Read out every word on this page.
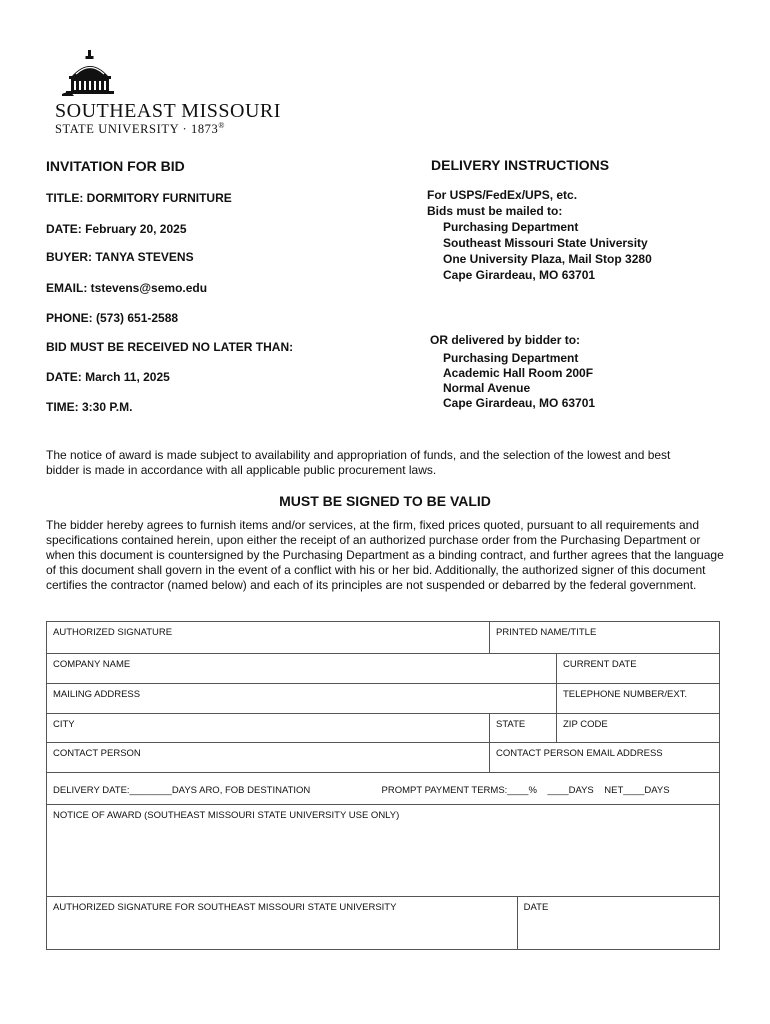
SOUTHEAST MISSOURI
STATE UNIVERSITY · 1873®
INVITATION FOR BID
TITLE: DORMITORY FURNITURE
DATE: February 20, 2025
BUYER: TANYA STEVENS
EMAIL: tstevens@semo.edu
PHONE: (573) 651-2588
BID MUST BE RECEIVED NO LATER THAN:
DATE: March 11, 2025
TIME: 3:30 P.M.
DELIVERY INSTRUCTIONS
For USPS/FedEx/UPS, etc.
Bids must be mailed to:
Purchasing Department
Southeast Missouri State University
One University Plaza, Mail Stop 3280
Cape Girardeau, MO 63701
OR delivered by bidder to:
Purchasing Department
Academic Hall Room 200F
Normal Avenue
Cape Girardeau, MO 63701
The notice of award is made subject to availability and appropriation of funds, and the selection of the lowest and best bidder is made in accordance with all applicable public procurement laws.
MUST BE SIGNED TO BE VALID
The bidder hereby agrees to furnish items and/or services, at the firm, fixed prices quoted, pursuant to all requirements and specifications contained herein, upon either the receipt of an authorized purchase order from the Purchasing Department or when this document is countersigned by the Purchasing Department as a binding contract, and further agrees that the language of this document shall govern in the event of a conflict with his or her bid. Additionally, the authorized signer of this document certifies the contractor (named below) and each of its principles are not suspended or debarred by the federal government.
AUTHORIZED SIGNATURE	PRINTED NAME/TITLE		
COMPANY NAME			CURRENT DATE
MAILING ADDRESS			TELEPHONE NUMBER/EXT.
CITY	STATE		ZIP CODE
CONTACT PERSON	CONTACT PERSON EMAIL ADDRESS		
DELIVERY DATE:________DAYS ARO, FOB DESTINATION PROMPT PAYMENT TERMS:____%    ____DAYS    NET____DAYS			

NOTICE OF AWARD (SOUTHEAST MISSOURI STATE UNIVERSITY USE ONLY)			
AUTHORIZED SIGNATURE FOR SOUTHEAST MISSOURI STATE UNIVERSITY		DATE	
